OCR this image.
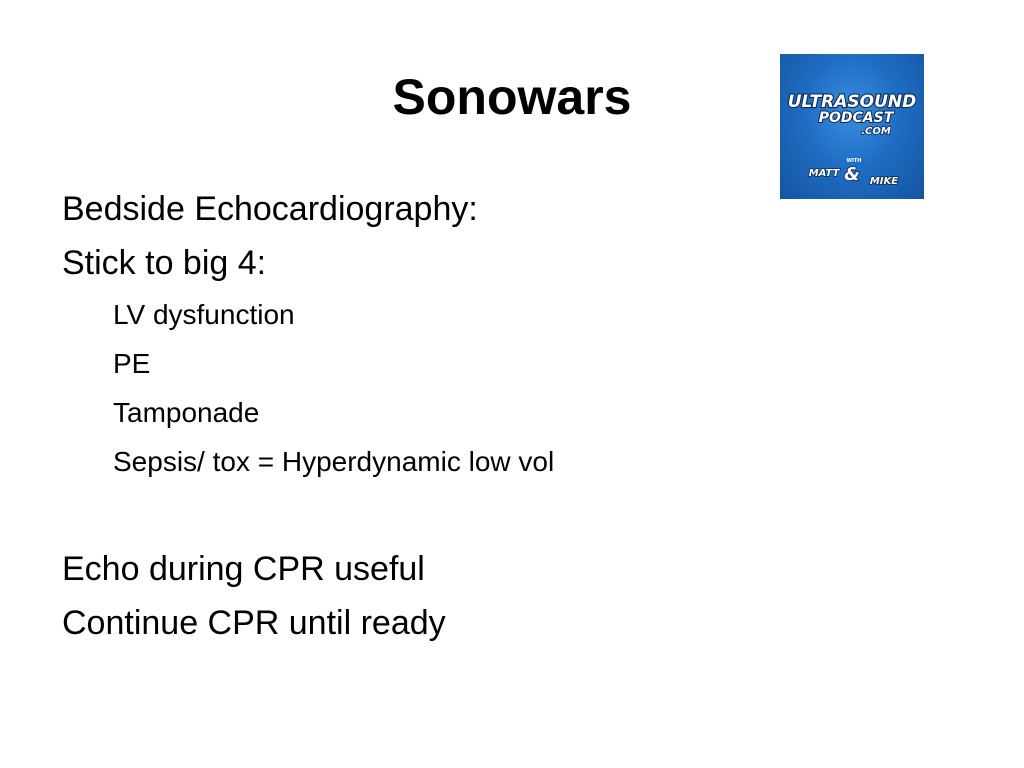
Sonowars	ULTRASOUND
PODCAST
.COM
WITH
MATT & MIKE
Bedside Echocardiography:
Stick to big 4:
LV dysfunction
PE
Tamponade
Sepsis/ tox = Hyperdynamic low vol
Echo during CPR useful
Continue CPR until ready
